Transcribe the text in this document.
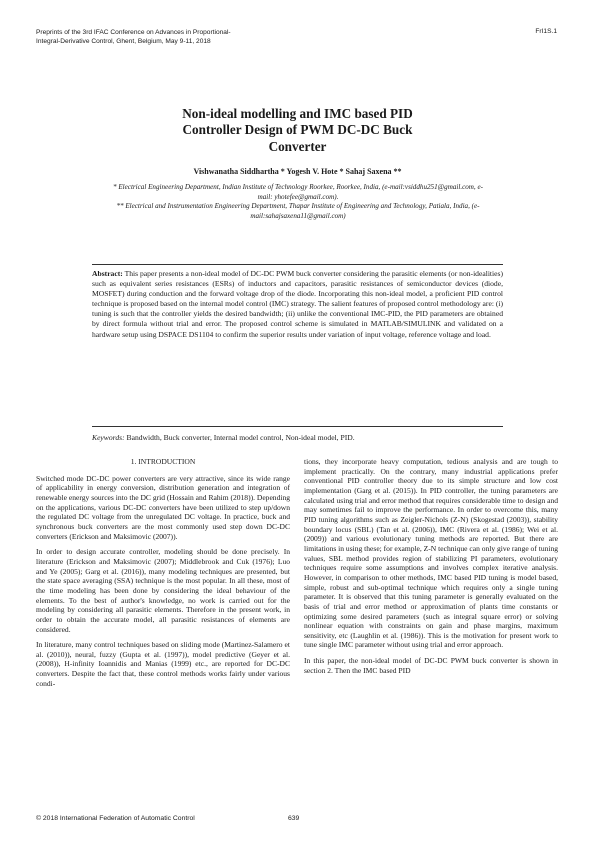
Preprints of the 3rd IFAC Conference on Advances in Proportional-
Integral-Derivative Control, Ghent, Belgium, May 9-11, 2018
FrI1S.1
Non-ideal modelling and IMC based PID
Controller Design of PWM DC-DC Buck
Converter
Vishwanatha Siddhartha * Yogesh V. Hote * Sahaj Saxena **

* Electrical Engineering Department, Indian Institute of Technology Roorkee, Roorkee, India, (e-mail:vsiddhu251@gmail.com, e-mail: yhotefee@gmail.com).

** Electrical and Instrumentation Engineering Department, Thapar Institute of Engineering and Technology, Patiala, India, (e-mail:sahajsaxena11@gmail.com)

Abstract: This paper presents a non-ideal model of DC-DC PWM buck converter considering the parasitic elements (or non-idealities) such as equivalent series resistances (ESRs) of inductors and capacitors, parasitic resistances of semiconductor devices (diode, MOSFET) during conduction and the forward voltage drop of the diode. Incorporating this non-ideal model, a proficient PID control technique is proposed based on the internal model control (IMC) strategy. The salient features of proposed control methodology are: (i) tuning is such that the controller yields the desired bandwidth; (ii) unlike the conventional IMC-PID, the PID parameters are obtained by direct formula without trial and error. The proposed control scheme is simulated in MATLAB/SIMULINK and validated on a hardware setup using DSPACE DS1104 to confirm the superior results under variation of input voltage, reference voltage and load.

Keywords: Bandwidth, Buck converter, Internal model control, Non-ideal model, PID.

1. INTRODUCTION

Switched mode DC-DC power converters are very attractive, since its wide range of applicability in energy conversion, distribution generation and integration of renewable energy sources into the DC grid (Hossain and Rahim (2018)). Depending on the applications, various DC-DC converters have been utilized to step up/down the regulated DC voltage from the unregulated DC voltage. In practice, buck and synchronous buck converters are the most commonly used step down DC-DC converters (Erickson and Maksimovic (2007)).

In order to design accurate controller, modeling should be done precisely. In literature (Erickson and Maksimovic (2007); Middlebrook and Cuk (1976); Luo and Ye (2005); Garg et al. (2016)), many modeling techniques are presented, but the state space averaging (SSA) technique is the most popular. In all these, most of the time modeling has been done by considering the ideal behaviour of the elements. To the best of author's knowledge, no work is carried out for the modeling by considering all parasitic elements. Therefore in the present work, in order to obtain the accurate model, all parasitic resistances of elements are considered.

In literature, many control techniques based on sliding mode (Martinez-Salamero et al. (2010)), neural, fuzzy (Gupta et al. (1997)), model predictive (Geyer et al. (2008)), H-infinity Ioannidis and Manias (1999) etc., are reported for DC-DC converters. Despite the fact that, these control methods works fairly under various condi-

tions, they incorporate heavy computation, tedious analysis and are tough to implement practically. On the contrary, many industrial applications prefer conventional PID controller theory due to its simple structure and low cost implementation (Garg et al. (2015)). In PID controller, the tuning parameters are calculated using trial and error method that requires considerable time to design and may sometimes fail to improve the performance. In order to overcome this, many PID tuning algorithms such as Zeigler-Nichols (Z-N) (Skogestad (2003)), stability boundary locus (SBL) (Tan et al. (2006)), IMC (Rivera et al. (1986); Wei et al. (2009)) and various evolutionary tuning methods are reported. But there are limitations in using these; for example, Z-N technique can only give range of tuning values, SBL method provides region of stabilizing PI parameters, evolutionary techniques require some assumptions and involves complex iterative analysis. However, in comparison to other methods, IMC based PID tuning is model based, simple, robust and sub-optimal technique which requires only a single tuning parameter. It is observed that this tuning parameter is generally evaluated on the basis of trial and error method or approximation of plants time constants or optimizing some desired parameters (such as integral square error) or solving nonlinear equation with constraints on gain and phase margins, maximum sensitivity, etc (Laughlin et al. (1986)). This is the motivation for present work to tune single IMC parameter without using trial and error approach.

In this paper, the non-ideal model of DC-DC PWM buck converter is shown in section 2. Then the IMC based PID

© 2018 International Federation of Automatic Control	639
